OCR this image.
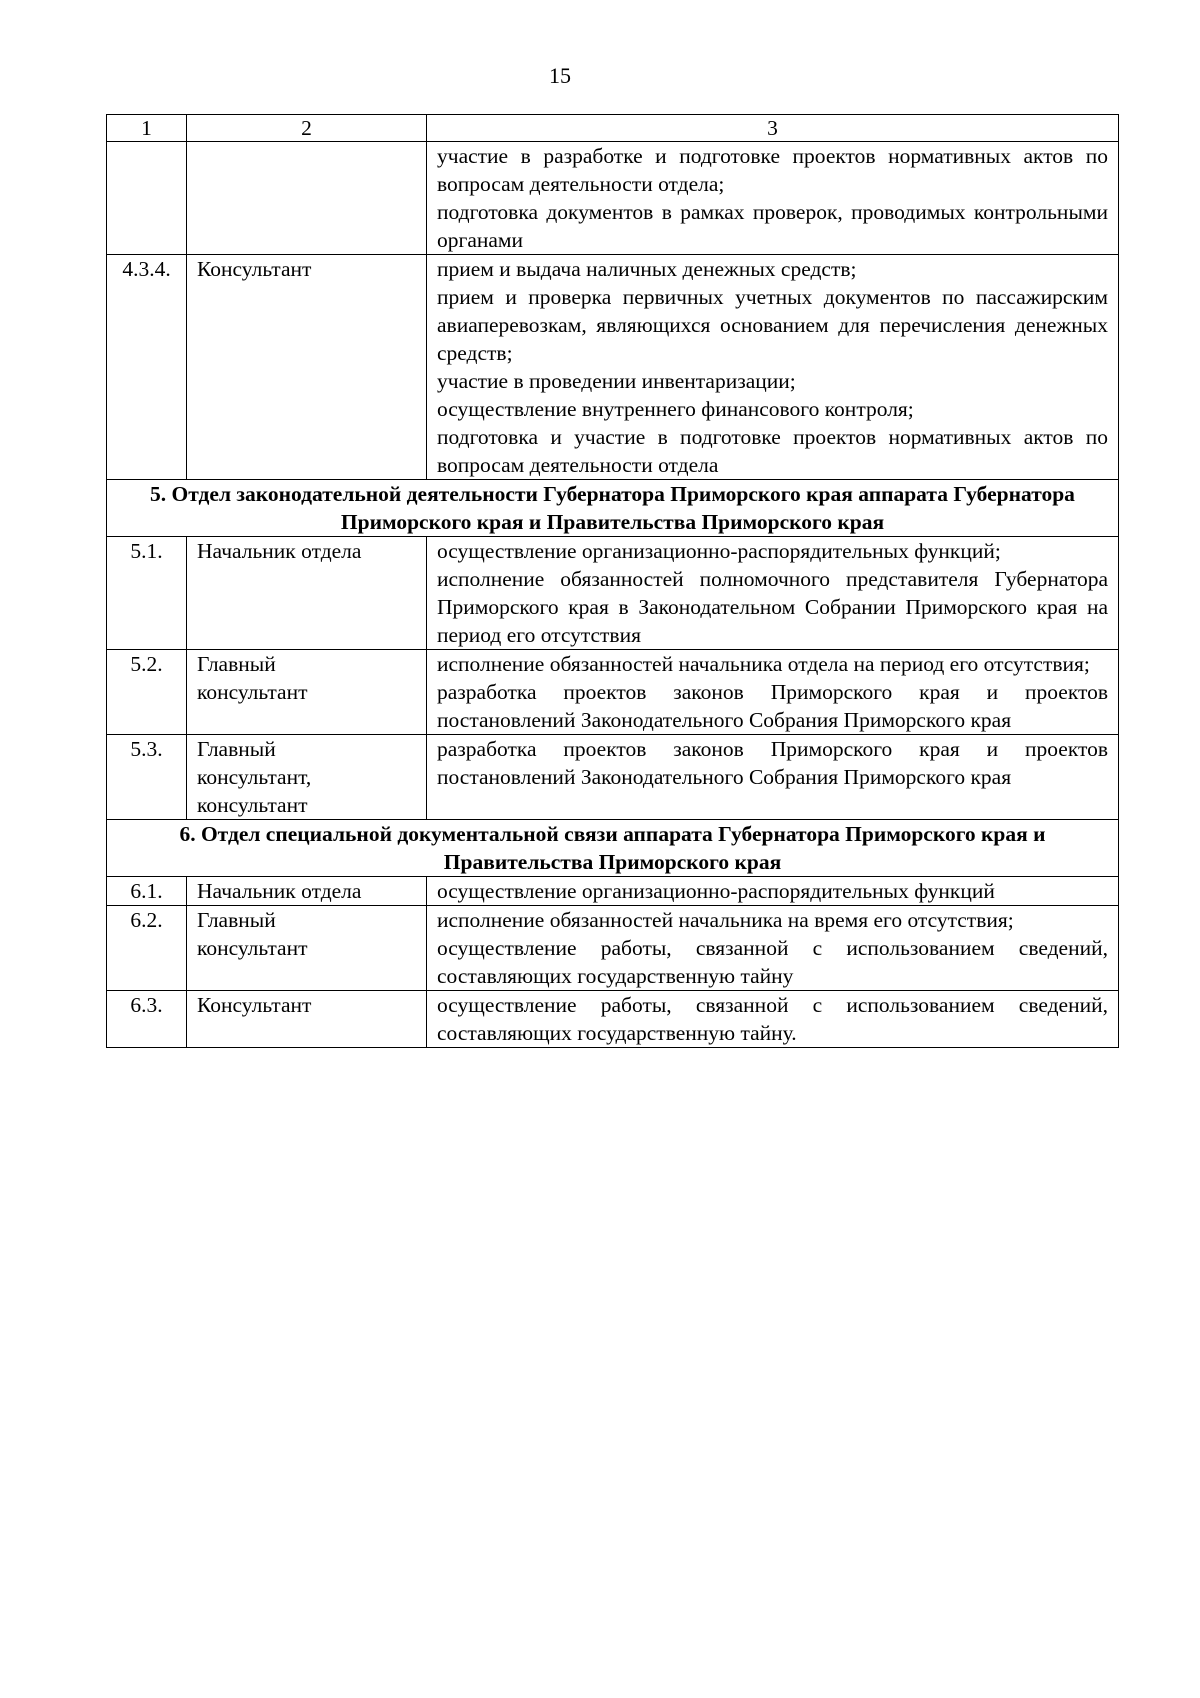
15
1	2	3

		участие в разработке и подготовке проектов нормативных актов по вопросам деятельности отдела;
подготовка документов в рамках проверок, проводимых контрольными органами

4.3.4.	Консультант	прием и выдача наличных денежных средств;
прием и проверка первичных учетных документов по пассажирским авиаперевозкам, являющихся основанием для перечисления денежных средств;
участие в проведении инвентаризации;
осуществление внутреннего финансового контроля;
подготовка и участие в подготовке проектов нормативных актов по вопросам деятельности отдела

5. Отдел законодательной деятельности Губернатора Приморского края аппарата Губернатора Приморского края и Правительства Приморского края		
5.1.	Начальник отдела	осуществление организационно-распорядительных функций;
исполнение обязанностей полномочного представителя Губернатора Приморского края в Законодательном Собрании Приморского края на период его отсутствия

5.2.	Главный
консультант	исполнение обязанностей начальника отдела на период его отсутствия;
разработка проектов законов Приморского края и проектов постановлений Законодательного Собрания Приморского края

5.3.	Главный
консультант,
консультант	разработка проектов законов Приморского края и проектов постановлений Законодательного Собрания Приморского края

6. Отдел специальной документальной связи аппарата Губернатора Приморского края и Правительства Приморского края		
6.1.	Начальник отдела	осуществление организационно-распорядительных функций

6.2.	Главный
консультант	исполнение обязанностей начальника на время его отсутствия;
осуществление работы, связанной с использованием сведений, составляющих государственную тайну

6.3.	Консультант	осуществление работы, связанной с использованием сведений, составляющих государственную тайну.
